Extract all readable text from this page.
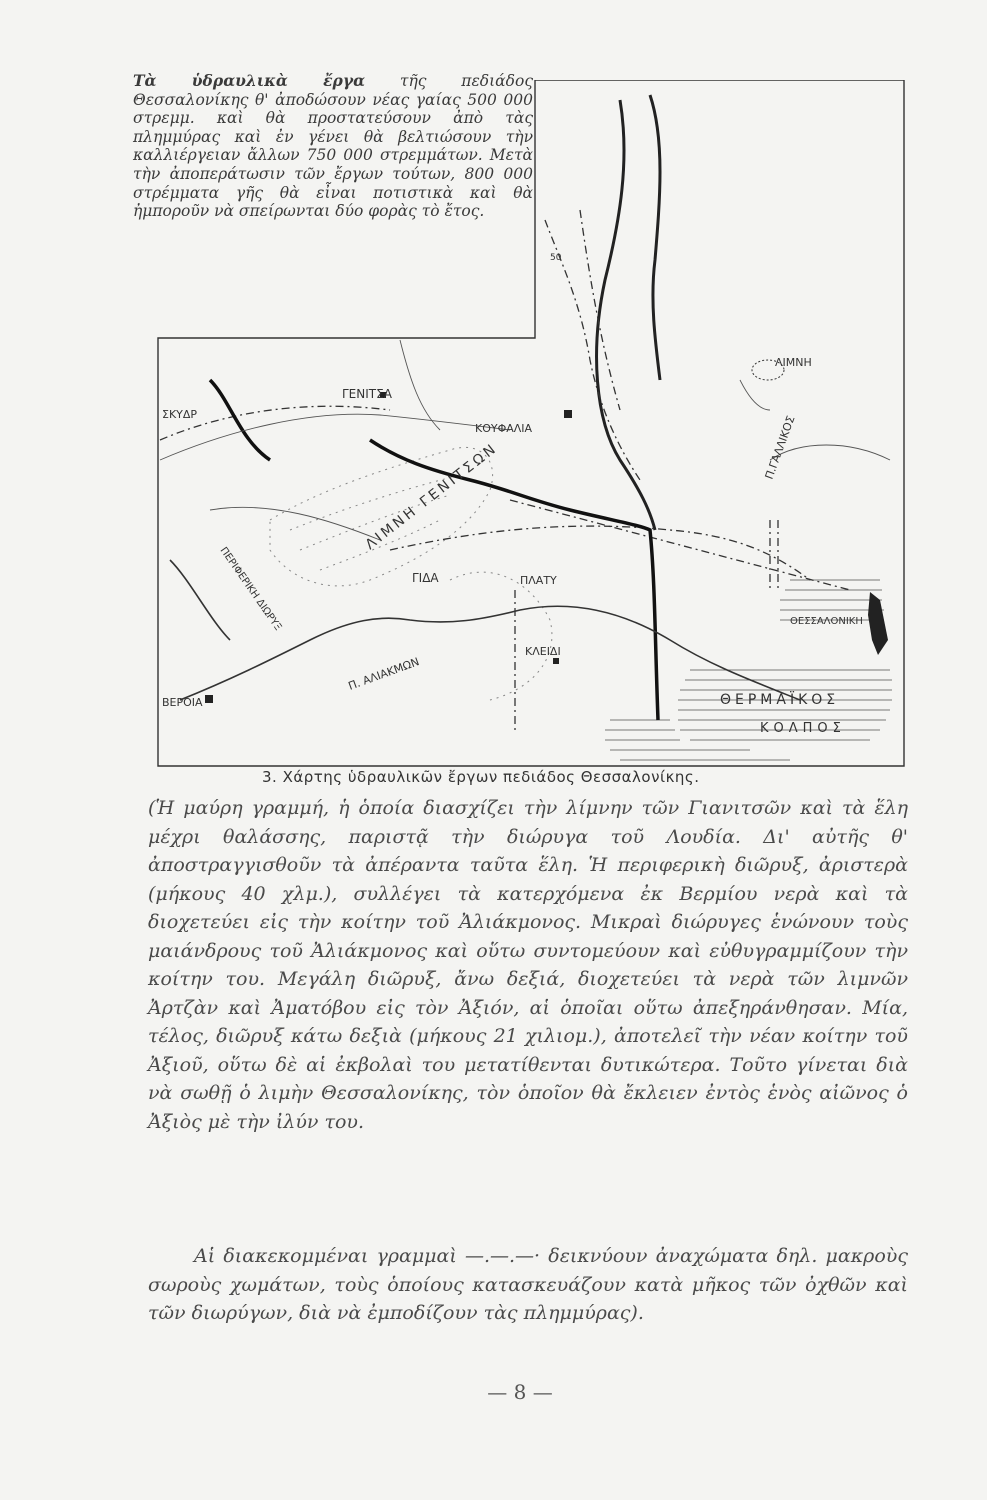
Τὰ ὑδραυλικὰ ἔργα τῆς πεδιάδος Θεσσαλονίκης θ' ἀποδώσουν νέας γαίας 500 000 στρεμμ. καὶ θὰ προστατεύσουν ἀπὸ τὰς πλημμύρας καὶ ἐν γένει θὰ βελτιώσουν τὴν καλλιέργειαν ἄλλων 750 000 στρεμμάτων. Μετὰ τὴν ἀποπεράτωσιν τῶν ἔργων τούτων, 800 000 στρέμματα γῆς θὰ εἶναι ποτιστικὰ καὶ θὰ ἠμποροῦν νὰ σπείρωνται δύο φορὰς τὸ ἔτος.

ΛΙΜΝΗ
Π.ΓΑΛΛΙΚΟΣ
ΓΕΝΙΤΣΑ
ΚΟΥΦΑΛΙΑ
ΣΚΥΔΡ
ΛΙΜΝΗ ΓΕΝΙΤΣΩΝ
ΠΕΡΙΦΕΡΙΚΗ ΔΙΩΡΥΞ	ΓΙΔΑ	ΠΛΑΤΥ
ΚΛΕΙΔΙ
Π. ΑΛΙΑΚΜΩΝ
ΒΕΡΟΙΑ
ΘΕΣΣΑΛΟΝΙΚΗ
ΘΕΡΜΑΪΚΟΣ
ΚΟΛΠΟΣ
50

3. Χάρτης ὑδραυλικῶν ἔργων πεδιάδος Θεσσαλονίκης.

(Ἡ μαύρη γραμμή, ἡ ὁποία διασχίζει τὴν λίμνην τῶν Γιανιτσῶν καὶ τὰ ἕλη μέχρι θαλάσσης, παριστᾷ τὴν διώρυγα τοῦ Λουδία. Δι' αὐτῆς θ' ἀποστραγγισθοῦν τὰ ἀπέραντα ταῦτα ἕλη. Ἡ περιφερικὴ διῶρυξ, ἀριστερὰ (μήκους 40 χλμ.), συλλέγει τὰ κατερχόμενα ἐκ Βερμίου νερὰ καὶ τὰ διοχετεύει εἰς τὴν κοίτην τοῦ Ἀλιάκμονος. Μικραὶ διώρυγες ἑνώνουν τοὺς μαιάνδρους τοῦ Ἀλιάκμονος καὶ οὕτω συντομεύουν καὶ εὐθυγραμμίζουν τὴν κοίτην του. Μεγάλη διῶρυξ, ἄνω δεξιά, διοχετεύει τὰ νερὰ τῶν λιμνῶν Ἀρτζὰν καὶ Ἀματόβου εἰς τὸν Ἀξιόν, αἱ ὁποῖαι οὕτω ἀπεξηράνθησαν. Μία, τέλος, διῶρυξ κάτω δεξιὰ (μήκους 21 χιλιομ.), ἀποτελεῖ τὴν νέαν κοίτην τοῦ Ἀξιοῦ, οὕτω δὲ αἱ ἐκβολαὶ του μετατίθενται δυτικώτερα. Τοῦτο γίνεται διὰ νὰ σωθῇ ὁ λιμὴν Θεσσαλονίκης, τὸν ὁποῖον θὰ ἔκλειεν ἐντὸς ἑνὸς αἰῶνος ὁ Ἀξιὸς μὲ τὴν ἰλύν του.

Αἱ διακεκομμέναι γραμμαὶ —.—.—· δεικνύουν ἀναχώματα δηλ. μακροὺς σωροὺς χωμάτων, τοὺς ὁποίους κατασκευάζουν κατὰ μῆκος τῶν ὀχθῶν καὶ τῶν διωρύγων, διὰ νὰ ἐμποδίζουν τὰς πλημμύρας).

— 8 —
